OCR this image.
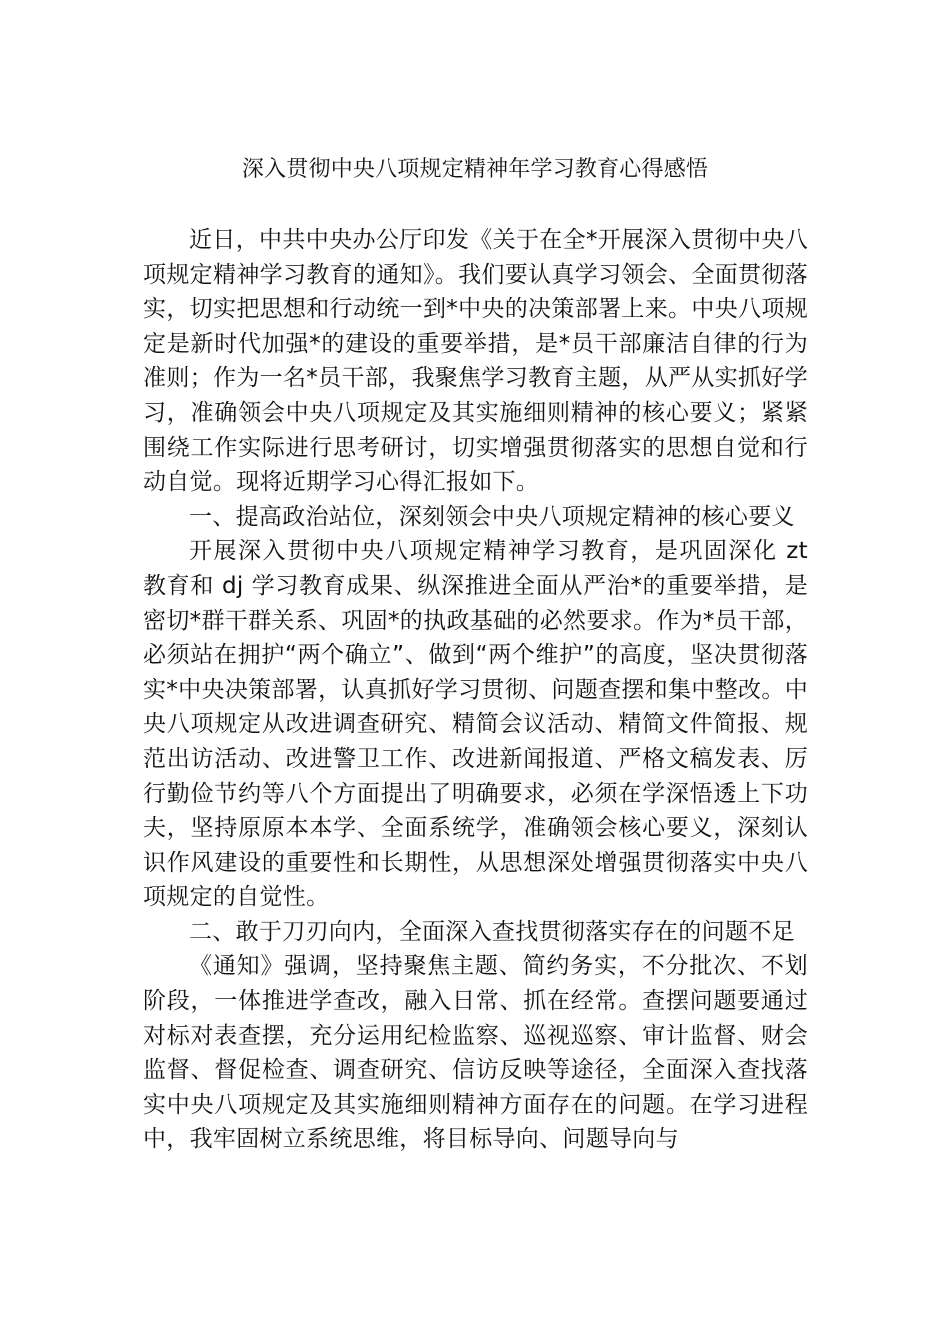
深入贯彻中央八项规定精神年学习教育心得感悟

近日，中共中央办公厅印发《关于在全*开展深入贯彻中央八项规定精神学习教育的通知》。我们要认真学习领会、全面贯彻落实，切实把思想和行动统一到*中央的决策部署上来。中央八项规定是新时代加强*的建设的重要举措，是*员干部廉洁自律的行为准则；作为一名*员干部，我聚焦学习教育主题，从严从实抓好学习，准确领会中央八项规定及其实施细则精神的核心要义；紧紧围绕工作实际进行思考研讨，切实增强贯彻落实的思想自觉和行动自觉。现将近期学习心得汇报如下。

一、提高政治站位，深刻领会中央八项规定精神的核心要义

开展深入贯彻中央八项规定精神学习教育，是巩固深化 zt 教育和 dj 学习教育成果、纵深推进全面从严治*的重要举措，是密切*群干群关系、巩固*的执政基础的必然要求。作为*员干部，必须站在拥护“两个确立”、做到“两个维护”的高度，坚决贯彻落实*中央决策部署，认真抓好学习贯彻、问题查摆和集中整改。中央八项规定从改进调查研究、精简会议活动、精简文件简报、规范出访活动、改进警卫工作、改进新闻报道、严格文稿发表、厉行勤俭节约等八个方面提出了明确要求，必须在学深悟透上下功夫，坚持原原本本学、全面系统学，准确领会核心要义，深刻认识作风建设的重要性和长期性，从思想深处增强贯彻落实中央八项规定的自觉性。

二、敢于刀刃向内，全面深入查找贯彻落实存在的问题不足

《通知》强调，坚持聚焦主题、简约务实，不分批次、不划阶段，一体推进学查改，融入日常、抓在经常。查摆问题要通过对标对表查摆，充分运用纪检监察、巡视巡察、审计监督、财会监督、督促检查、调查研究、信访反映等途径，全面深入查找落实中央八项规定及其实施细则精神方面存在的问题。在学习进程中，我牢固树立系统思维，将目标导向、问题导向与
